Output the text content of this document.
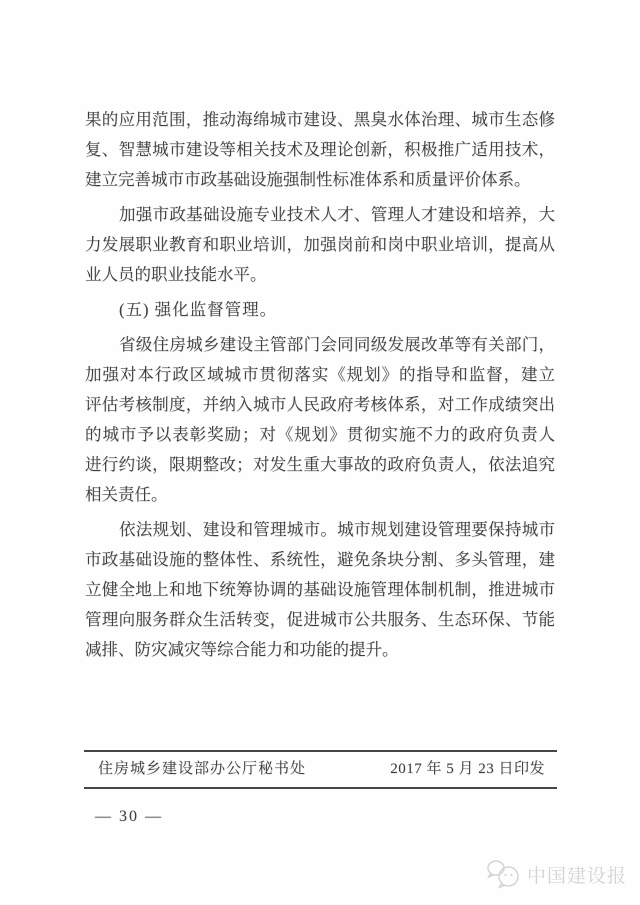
果的应用范围，推动海绵城市建设、黑臭水体治理、城市生态修
复、智慧城市建设等相关技术及理论创新，积极推广适用技术，
建立完善城市市政基础设施强制性标准体系和质量评价体系。

加强市政基础设施专业技术人才、管理人才建设和培养，大
力发展职业教育和职业培训，加强岗前和岗中职业培训，提高从
业人员的职业技能水平。

(五) 强化监督管理。

省级住房城乡建设主管部门会同同级发展改革等有关部门，
加强对本行政区域城市贯彻落实《规划》的指导和监督，建立
评估考核制度，并纳入城市人民政府考核体系，对工作成绩突出
的城市予以表彰奖励；对《规划》贯彻实施不力的政府负责人
进行约谈，限期整改；对发生重大事故的政府负责人，依法追究
相关责任。

依法规划、建设和管理城市。城市规划建设管理要保持城市
市政基础设施的整体性、系统性，避免条块分割、多头管理，建
立健全地上和地下统筹协调的基础设施管理体制机制，推进城市
管理向服务群众生活转变，促进城市公共服务、生态环保、节能
减排、防灾减灾等综合能力和功能的提升。

住房城乡建设部办公厅秘书处	2017 年 5 月 23 日印发
— 30 —
中国建设报
